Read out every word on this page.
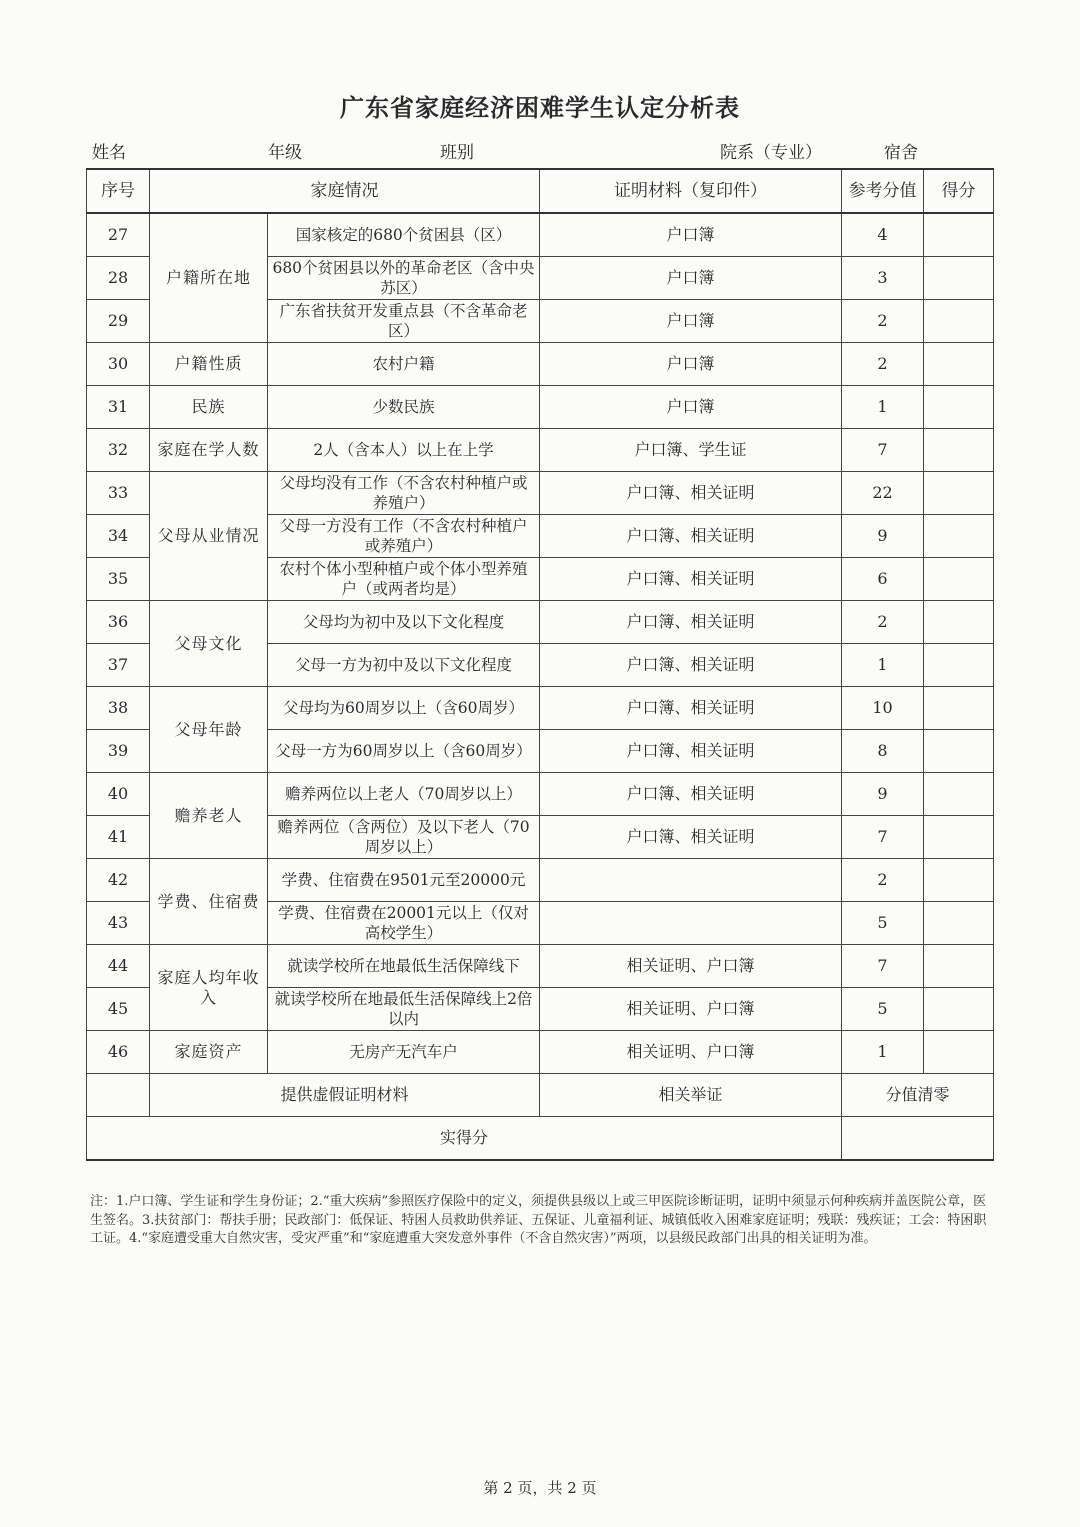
广东省家庭经济困难学生认定分析表
姓名	年级	班别	院系（专业）	宿舍
序号	家庭情况		证明材料（复印件）	参考分值	得分
27	户籍所在地	国家核定的680个贫困县（区）	户口簿	4	
28		680个贫困县以外的革命老区（含中央苏区）	户口簿	3	
29		广东省扶贫开发重点县（不含革命老区）	户口簿	2	
30	户籍性质	农村户籍	户口簿	2	
31	民族	少数民族	户口簿	1	
32	家庭在学人数	2人（含本人）以上在上学	户口簿、学生证	7	
33	父母从业情况	父母均没有工作（不含农村种植户或养殖户）	户口簿、相关证明	22	
34		父母一方没有工作（不含农村种植户或养殖户）	户口簿、相关证明	9	
35		农村个体小型种植户或个体小型养殖户（或两者均是）	户口簿、相关证明	6	
36	父母文化	父母均为初中及以下文化程度	户口簿、相关证明	2	
37		父母一方为初中及以下文化程度	户口簿、相关证明	1	
38	父母年龄	父母均为60周岁以上（含60周岁）	户口簿、相关证明	10	
39		父母一方为60周岁以上（含60周岁）	户口簿、相关证明	8	
40	赡养老人	赡养两位以上老人（70周岁以上）	户口簿、相关证明	9	
41		赡养两位（含两位）及以下老人（70周岁以上）	户口簿、相关证明	7	
42	学费、住宿费	学费、住宿费在9501元至20000元		2	
43		学费、住宿费在20001元以上（仅对高校学生）		5	
44	家庭人均年收入	就读学校所在地最低生活保障线下	相关证明、户口簿	7	
45		就读学校所在地最低生活保障线上2倍以内	相关证明、户口簿	5	
46	家庭资产	无房产无汽车户	相关证明、户口簿	1	
	提供虚假证明材料		相关举证	分值清零	
实得分					
注：1.户口簿、学生证和学生身份证；2.“重大疾病”参照医疗保险中的定义，须提供县级以上或三甲医院诊断证明，证明中须显示何种疾病并盖医院公章，医生签名。3.扶贫部门：帮扶手册；民政部门：低保证、特困人员救助供养证、五保证、儿童福利证、城镇低收入困难家庭证明；残联：残疾证；工会：特困职工证。4.“家庭遭受重大自然灾害，受灾严重”和“家庭遭重大突发意外事件（不含自然灾害）”两项，以县级民政部门出具的相关证明为准。
第 2 页，共 2 页
